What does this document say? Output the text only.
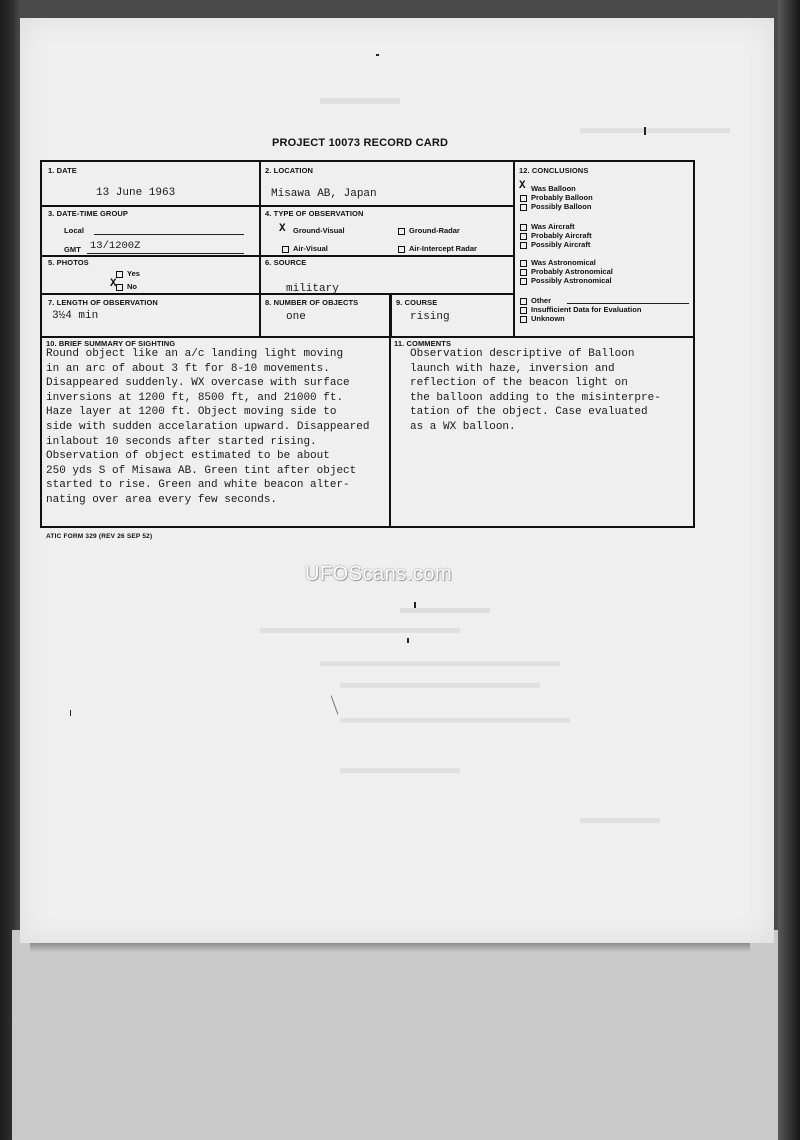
PROJECT 10073 RECORD CARD
1. DATE
13 June 1963
2. LOCATION
Misawa AB, Japan
3. DATE-TIME GROUP
Local
GMT 13/1200Z
4. TYPE OF OBSERVATION
X Ground-Visual	Ground-Radar
Air-Visual	Air-Intercept Radar
5. PHOTOS
Yes
X	No
6. SOURCE
military
7. LENGTH OF OBSERVATION
3½4 min
8. NUMBER OF OBJECTS
one
9. COURSE
rising
12. CONCLUSIONS
X Was Balloon
Probably Balloon
Possibly Balloon
Was Aircraft
Probably Aircraft
Possibly Aircraft
Was Astronomical
Probably Astronomical
Possibly Astronomical
Other
Insufficient Data for Evaluation
Unknown
10. BRIEF SUMMARY OF SIGHTING
Round object like an a/c landing light moving
in an arc of about 3 ft for 8-10 movements.
Disappeared suddenly. WX overcase with surface
inversions at 1200 ft, 8500 ft, and 21000 ft.
Haze layer at 1200 ft. Object moving side to
side with sudden accelaration upward. Disappeared
inlabout 10 seconds after started rising.
Observation of object estimated to be about
250 yds S of Misawa AB. Green tint after object
started to rise. Green and white beacon alter-
nating over area every few seconds.
11. COMMENTS
Observation descriptive of Balloon
launch with haze, inversion and
reflection of the beacon light on
the balloon adding to the misinterpre-
tation of the object. Case evaluated
as a WX balloon.
ATIC FORM 329 (REV 26 SEP 52)
UFOScans.com
